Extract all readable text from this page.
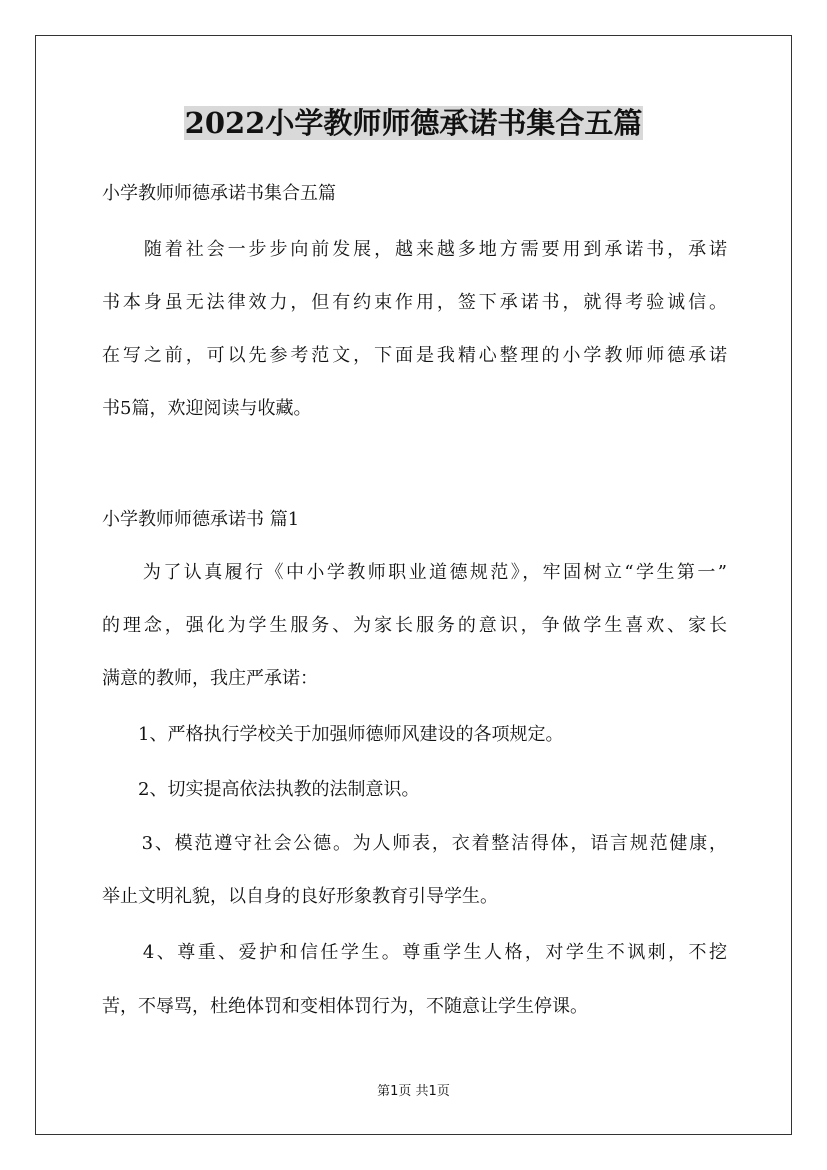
2022小学教师师德承诺书集合五篇

小学教师师德承诺书集合五篇

　　随着社会一步步向前发展，越来越多地方需要用到承诺书，承诺

书本身虽无法律效力，但有约束作用，签下承诺书，就得考验诚信。

在写之前，可以先参考范文，下面是我精心整理的小学教师师德承诺

书5篇，欢迎阅读与收藏。

小学教师师德承诺书 篇1

　　为了认真履行《中小学教师职业道德规范》，牢固树立“学生第一”

的理念，强化为学生服务、为家长服务的意识，争做学生喜欢、家长

满意的教师，我庄严承诺：

　　1、严格执行学校关于加强师德师风建设的各项规定。

　　2、切实提高依法执教的法制意识。

　　3、模范遵守社会公德。为人师表，衣着整洁得体，语言规范健康，

举止文明礼貌，以自身的良好形象教育引导学生。

　　4、尊重、爱护和信任学生。尊重学生人格，对学生不讽刺，不挖

苦，不辱骂，杜绝体罚和变相体罚行为，不随意让学生停课。

第1页 共1页
